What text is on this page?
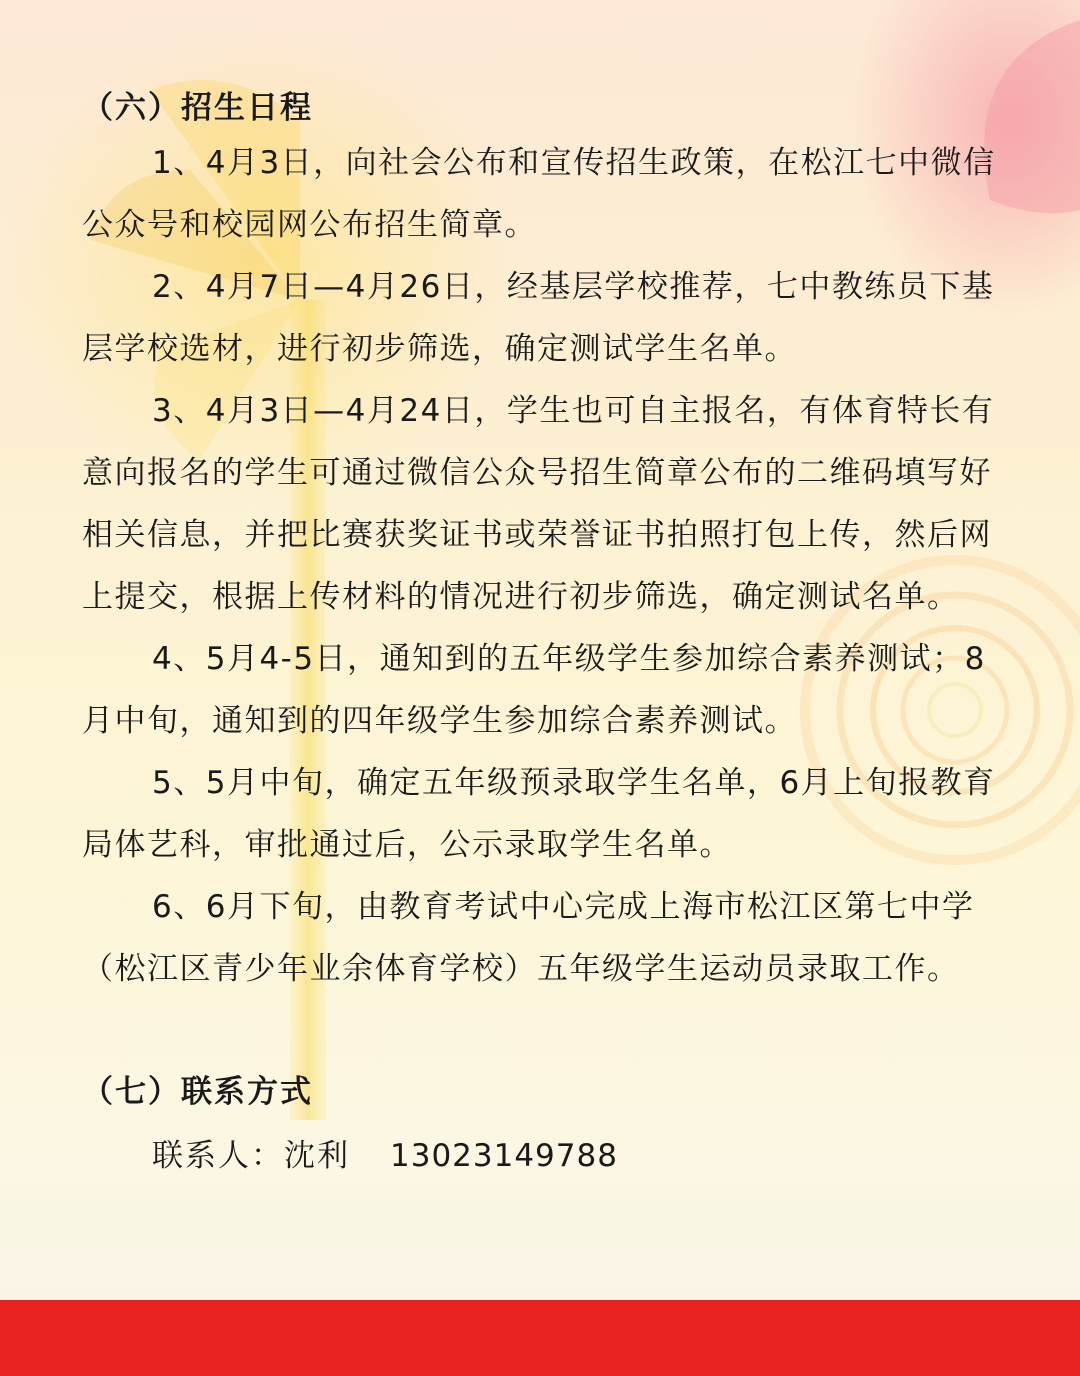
（六）招生日程
1、4月3日，向社会公布和宣传招生政策，在松江七中微信公众号和校园网公布招生简章。
2、4月7日—4月26日，经基层学校推荐，七中教练员下基层学校选材，进行初步筛选，确定测试学生名单。
3、4月3日—4月24日，学生也可自主报名，有体育特长有意向报名的学生可通过微信公众号招生简章公布的二维码填写好相关信息，并把比赛获奖证书或荣誉证书拍照打包上传，然后网上提交，根据上传材料的情况进行初步筛选，确定测试名单。
4、5月4-5日，通知到的五年级学生参加综合素养测试；8月中旬，通知到的四年级学生参加综合素养测试。
5、5月中旬，确定五年级预录取学生名单，6月上旬报教育局体艺科，审批通过后，公示录取学生名单。
6、6月下旬，由教育考试中心完成上海市松江区第七中学（松江区青少年业余体育学校）五年级学生运动员录取工作。
（七）联系方式
联系人：沈利 13023149788
